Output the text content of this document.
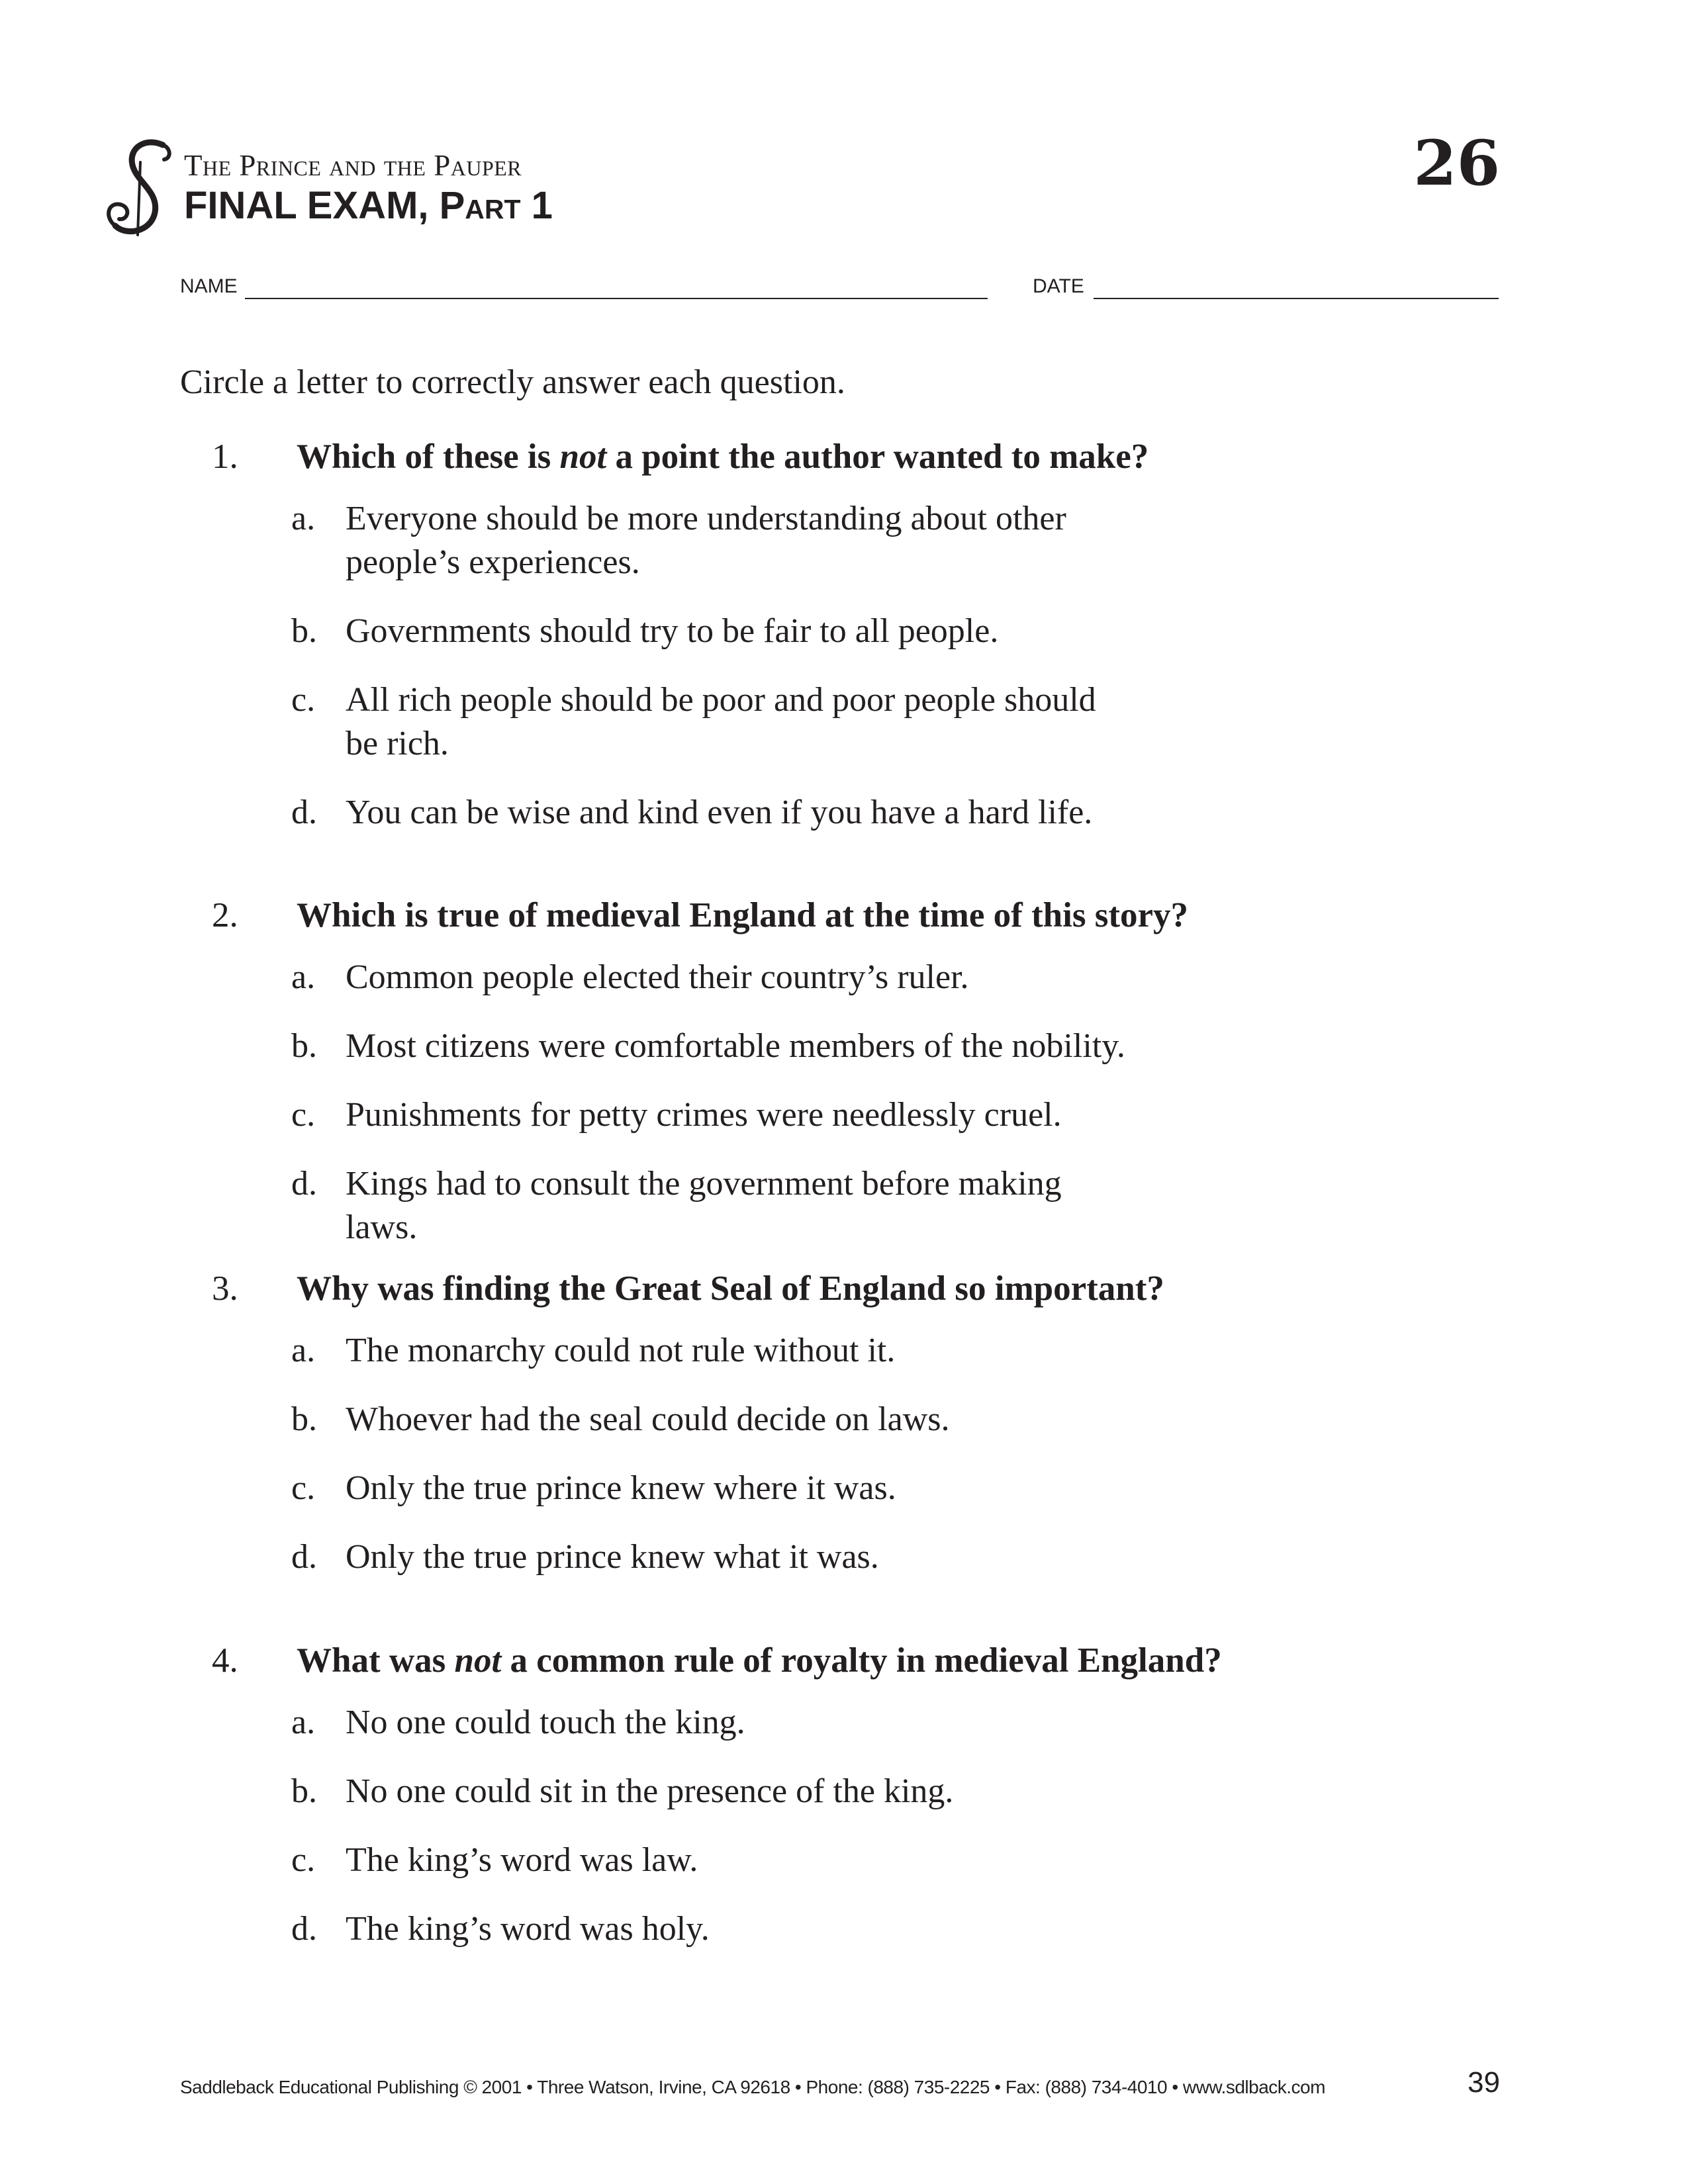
The Prince and the Pauper
FINAL EXAM, Part 1
26
NAME	DATE
Circle a letter to correctly answer each question.
1.	Which of these is not a point the author wanted to make?
a. Everyone should be more understanding about other people’s experiences.
b. Governments should try to be fair to all people.
c. All rich people should be poor and poor people should be rich.
d. You can be wise and kind even if you have a hard life.
2.	Which is true of medieval England at the time of this story?
a. Common people elected their country’s ruler.
b. Most citizens were comfortable members of the nobility.
c. Punishments for petty crimes were needlessly cruel.
d. Kings had to consult the government before making laws.
3.	Why was finding the Great Seal of England so important?
a. The monarchy could not rule without it.
b. Whoever had the seal could decide on laws.
c. Only the true prince knew where it was.
d. Only the true prince knew what it was.
4.	What was not a common rule of royalty in medieval England?
a. No one could touch the king.
b. No one could sit in the presence of the king.
c. The king’s word was law.
d. The king’s word was holy.
Saddleback Educational Publishing © 2001 • Three Watson, Irvine, CA 92618 • Phone: (888) 735-2225 • Fax: (888) 734-4010 • www.sdlback.com	39
